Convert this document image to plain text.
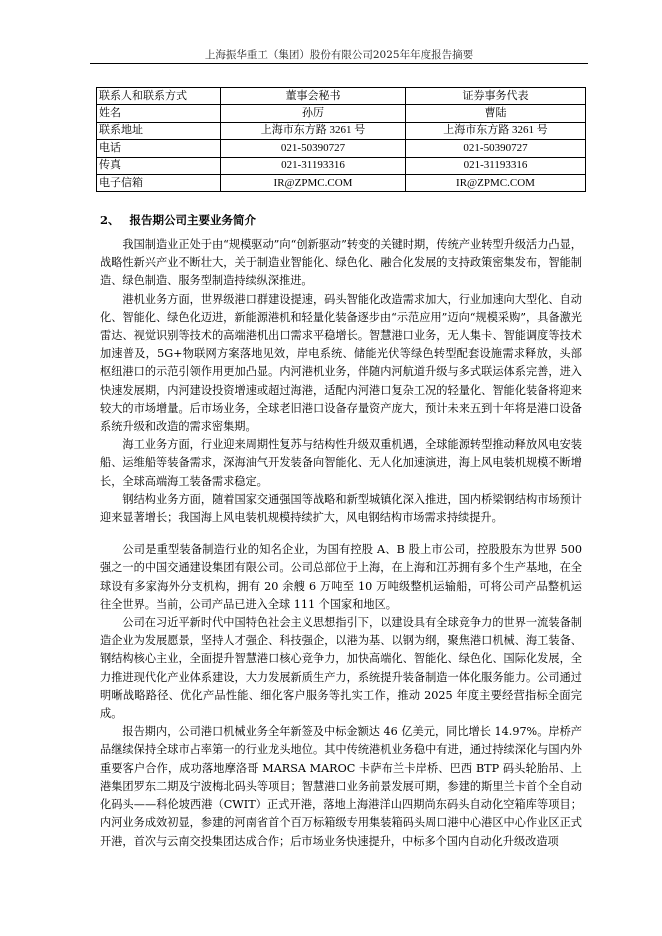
上海振华重工（集团）股份有限公司2025年年度报告摘要
联系人和联系方式	董事会秘书	证券事务代表
姓名	孙厉	曹陆
联系地址	上海市东方路 3261 号	上海市东方路 3261 号
电话	021-50390727	021-50390727
传真	021-31193316	021-31193316
电子信箱	IR@ZPMC.COM	IR@ZPMC.COM
2、 报告期公司主要业务简介

我国制造业正处于由“规模驱动”向“创新驱动”转变的关键时期，传统产业转型升级活力凸显，战略性新兴产业不断壮大，关于制造业智能化、绿色化、融合化发展的支持政策密集发布，智能制造、绿色制造、服务型制造持续纵深推进。

港机业务方面，世界级港口群建设提速，码头智能化改造需求加大，行业加速向大型化、自动化、智能化、绿色化迈进，新能源港机和轻量化装备逐步由“示范应用”迈向“规模采购”，具备激光雷达、视觉识别等技术的高端港机出口需求平稳增长。智慧港口业务，无人集卡、智能调度等技术加速普及，5G+物联网方案落地见效，岸电系统、储能光伏等绿色转型配套设施需求释放，头部枢纽港口的示范引领作用更加凸显。内河港机业务，伴随内河航道升级与多式联运体系完善，进入快速发展期，内河建设投资增速或超过海港，适配内河港口复杂工况的轻量化、智能化装备将迎来较大的市场增量。后市场业务，全球老旧港口设备存量资产庞大，预计未来五到十年将是港口设备系统升级和改造的需求密集期。

海工业务方面，行业迎来周期性复苏与结构性升级双重机遇，全球能源转型推动释放风电安装船、运维船等装备需求，深海油气开发装备向智能化、无人化加速演进，海上风电装机规模不断增长，全球高端海工装备需求稳定。

钢结构业务方面，随着国家交通强国等战略和新型城镇化深入推进，国内桥梁钢结构市场预计迎来显著增长；我国海上风电装机规模持续扩大，风电钢结构市场需求持续提升。

公司是重型装备制造行业的知名企业，为国有控股 A、B 股上市公司，控股股东为世界 500 强之一的中国交通建设集团有限公司。公司总部位于上海，在上海和江苏拥有多个生产基地，在全球设有多家海外分支机构，拥有 20 余艘 6 万吨至 10 万吨级整机运输船，可将公司产品整机运往全世界。当前，公司产品已进入全球 111 个国家和地区。

公司在习近平新时代中国特色社会主义思想指引下，以建设具有全球竞争力的世界一流装备制造企业为发展愿景，坚持人才强企、科技强企，以港为基、以钢为纲，聚焦港口机械、海工装备、钢结构核心主业，全面提升智慧港口核心竞争力，加快高端化、智能化、绿色化、国际化发展，全力推进现代化产业体系建设，大力发展新质生产力，系统提升装备制造一体化服务能力。公司通过明晰战略路径、优化产品性能、细化客户服务等扎实工作，推动 2025 年度主要经营指标全面完成。

报告期内，公司港口机械业务全年新签及中标金额达 46 亿美元，同比增长 14.97%。岸桥产品继续保持全球市占率第一的行业龙头地位。其中传统港机业务稳中有进，通过持续深化与国内外重要客户合作，成功落地摩洛哥 MARSA MAROC 卡萨布兰卡岸桥、巴西 BTP 码头轮胎吊、上港集团罗东二期及宁波梅北码头等项目；智慧港口业务前景发展可期，参建的斯里兰卡首个全自动化码头——科伦坡西港（CWIT）正式开港，落地上海港洋山四期尚东码头自动化空箱库等项目；内河业务成效初显，参建的河南省首个百万标箱级专用集装箱码头周口港中心港区中心作业区正式开港，首次与云南交投集团达成合作；后市场业务快速提升，中标多个国内自动化升级改造项
